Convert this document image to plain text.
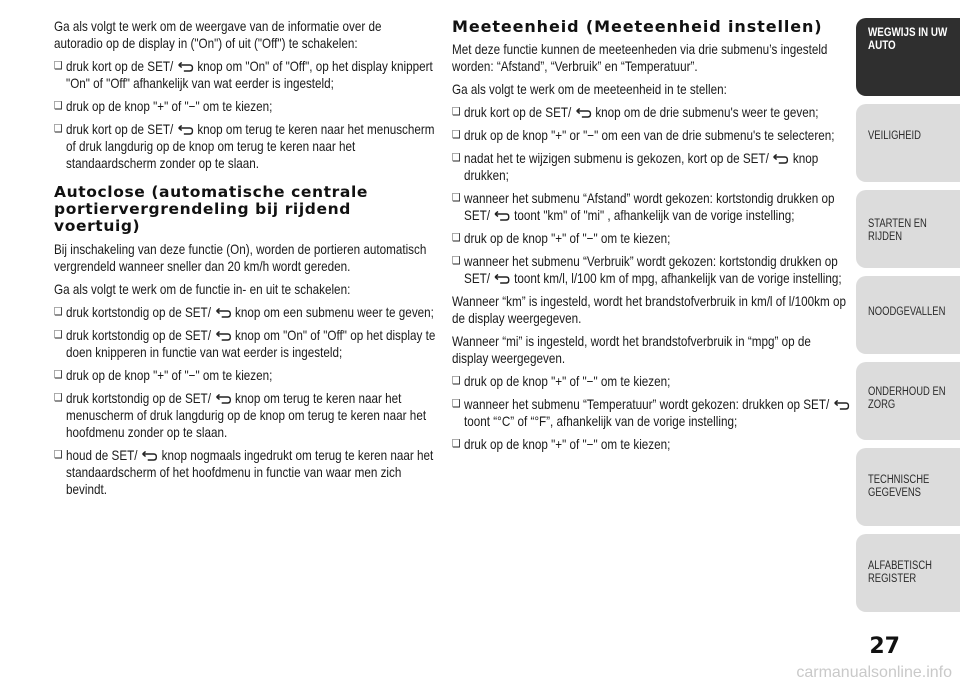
Ga als volgt te werk om de weergave van de informatie over de autoradio op de display in ("On") of uit ("Off") te schakelen:

❑ druk kort op de SET/ knop om "On" of "Off", op het display knippert "On" of "Off" afhankelijk van wat eerder is ingesteld;

❑ druk op de knop "+" of "−" om te kiezen;

❑ druk kort op de SET/ knop om terug te keren naar het menuscherm of druk langdurig op de knop om terug te keren naar het standaardscherm zonder op te slaan.

Autoclose (automatische centrale portiervergrendeling bij rijdend voertuig)

Bij inschakeling van deze functie (On), worden de portieren automatisch vergrendeld wanneer sneller dan 20 km/h wordt gereden.

Ga als volgt te werk om de functie in- en uit te schakelen:

❑ druk kortstondig op de SET/ knop om een submenu weer te geven;

❑ druk kortstondig op de SET/ knop om "On" of "Off" op het display te doen knipperen in functie van wat eerder is ingesteld;

❑ druk op de knop "+" of "−" om te kiezen;

❑ druk kortstondig op de SET/ knop om terug te keren naar het menuscherm of druk langdurig op de knop om terug te keren naar het hoofdmenu zonder op te slaan.

❑ houd de SET/ knop nogmaals ingedrukt om terug te keren naar het standaardscherm of het hoofdmenu in functie van waar men zich bevindt.

Meeteenheid (Meeteenheid instellen)

Met deze functie kunnen de meeteenheden via drie submenu’s ingesteld worden: “Afstand”, “Verbruik” en “Temperatuur”.

Ga als volgt te werk om de meeteenheid in te stellen:

❑ druk kort op de SET/ knop om de drie submenu's weer te geven;

❑ druk op de knop "+" or "−" om een van de drie submenu's te selecteren;

❑ nadat het te wijzigen submenu is gekozen, kort op de SET/ knop drukken;

❑ wanneer het submenu “Afstand” wordt gekozen: kortstondig drukken op SET/ toont "km" of "mi" , afhankelijk van de vorige instelling;

❑ druk op de knop "+" of "−" om te kiezen;

❑ wanneer het submenu “Verbruik” wordt gekozen: kortstondig drukken op SET/ toont km/l, l/100 km of mpg, afhankelijk van de vorige instelling;

Wanneer “km” is ingesteld, wordt het brandstofverbruik in km/l of l/100km op de display weergegeven.

Wanneer “mi” is ingesteld, wordt het brandstofverbruik in “mpg” op de display weergegeven.

❑ druk op de knop "+" of "−" om te kiezen;

❑ wanneer het submenu “Temperatuur” wordt gekozen: drukken op SET/
toont “°C” of “°F”, afhankelijk van de vorige instelling;

❑ druk op de knop "+" of "−" om te kiezen;

WEGWIJS IN UW AUTO
VEILIGHEID
STARTEN EN RIJDEN
NOODGEVALLEN
ONDERHOUD EN ZORG
TECHNISCHE GEGEVENS
ALFABETISCH REGISTER
27
carmanualsonline.info
